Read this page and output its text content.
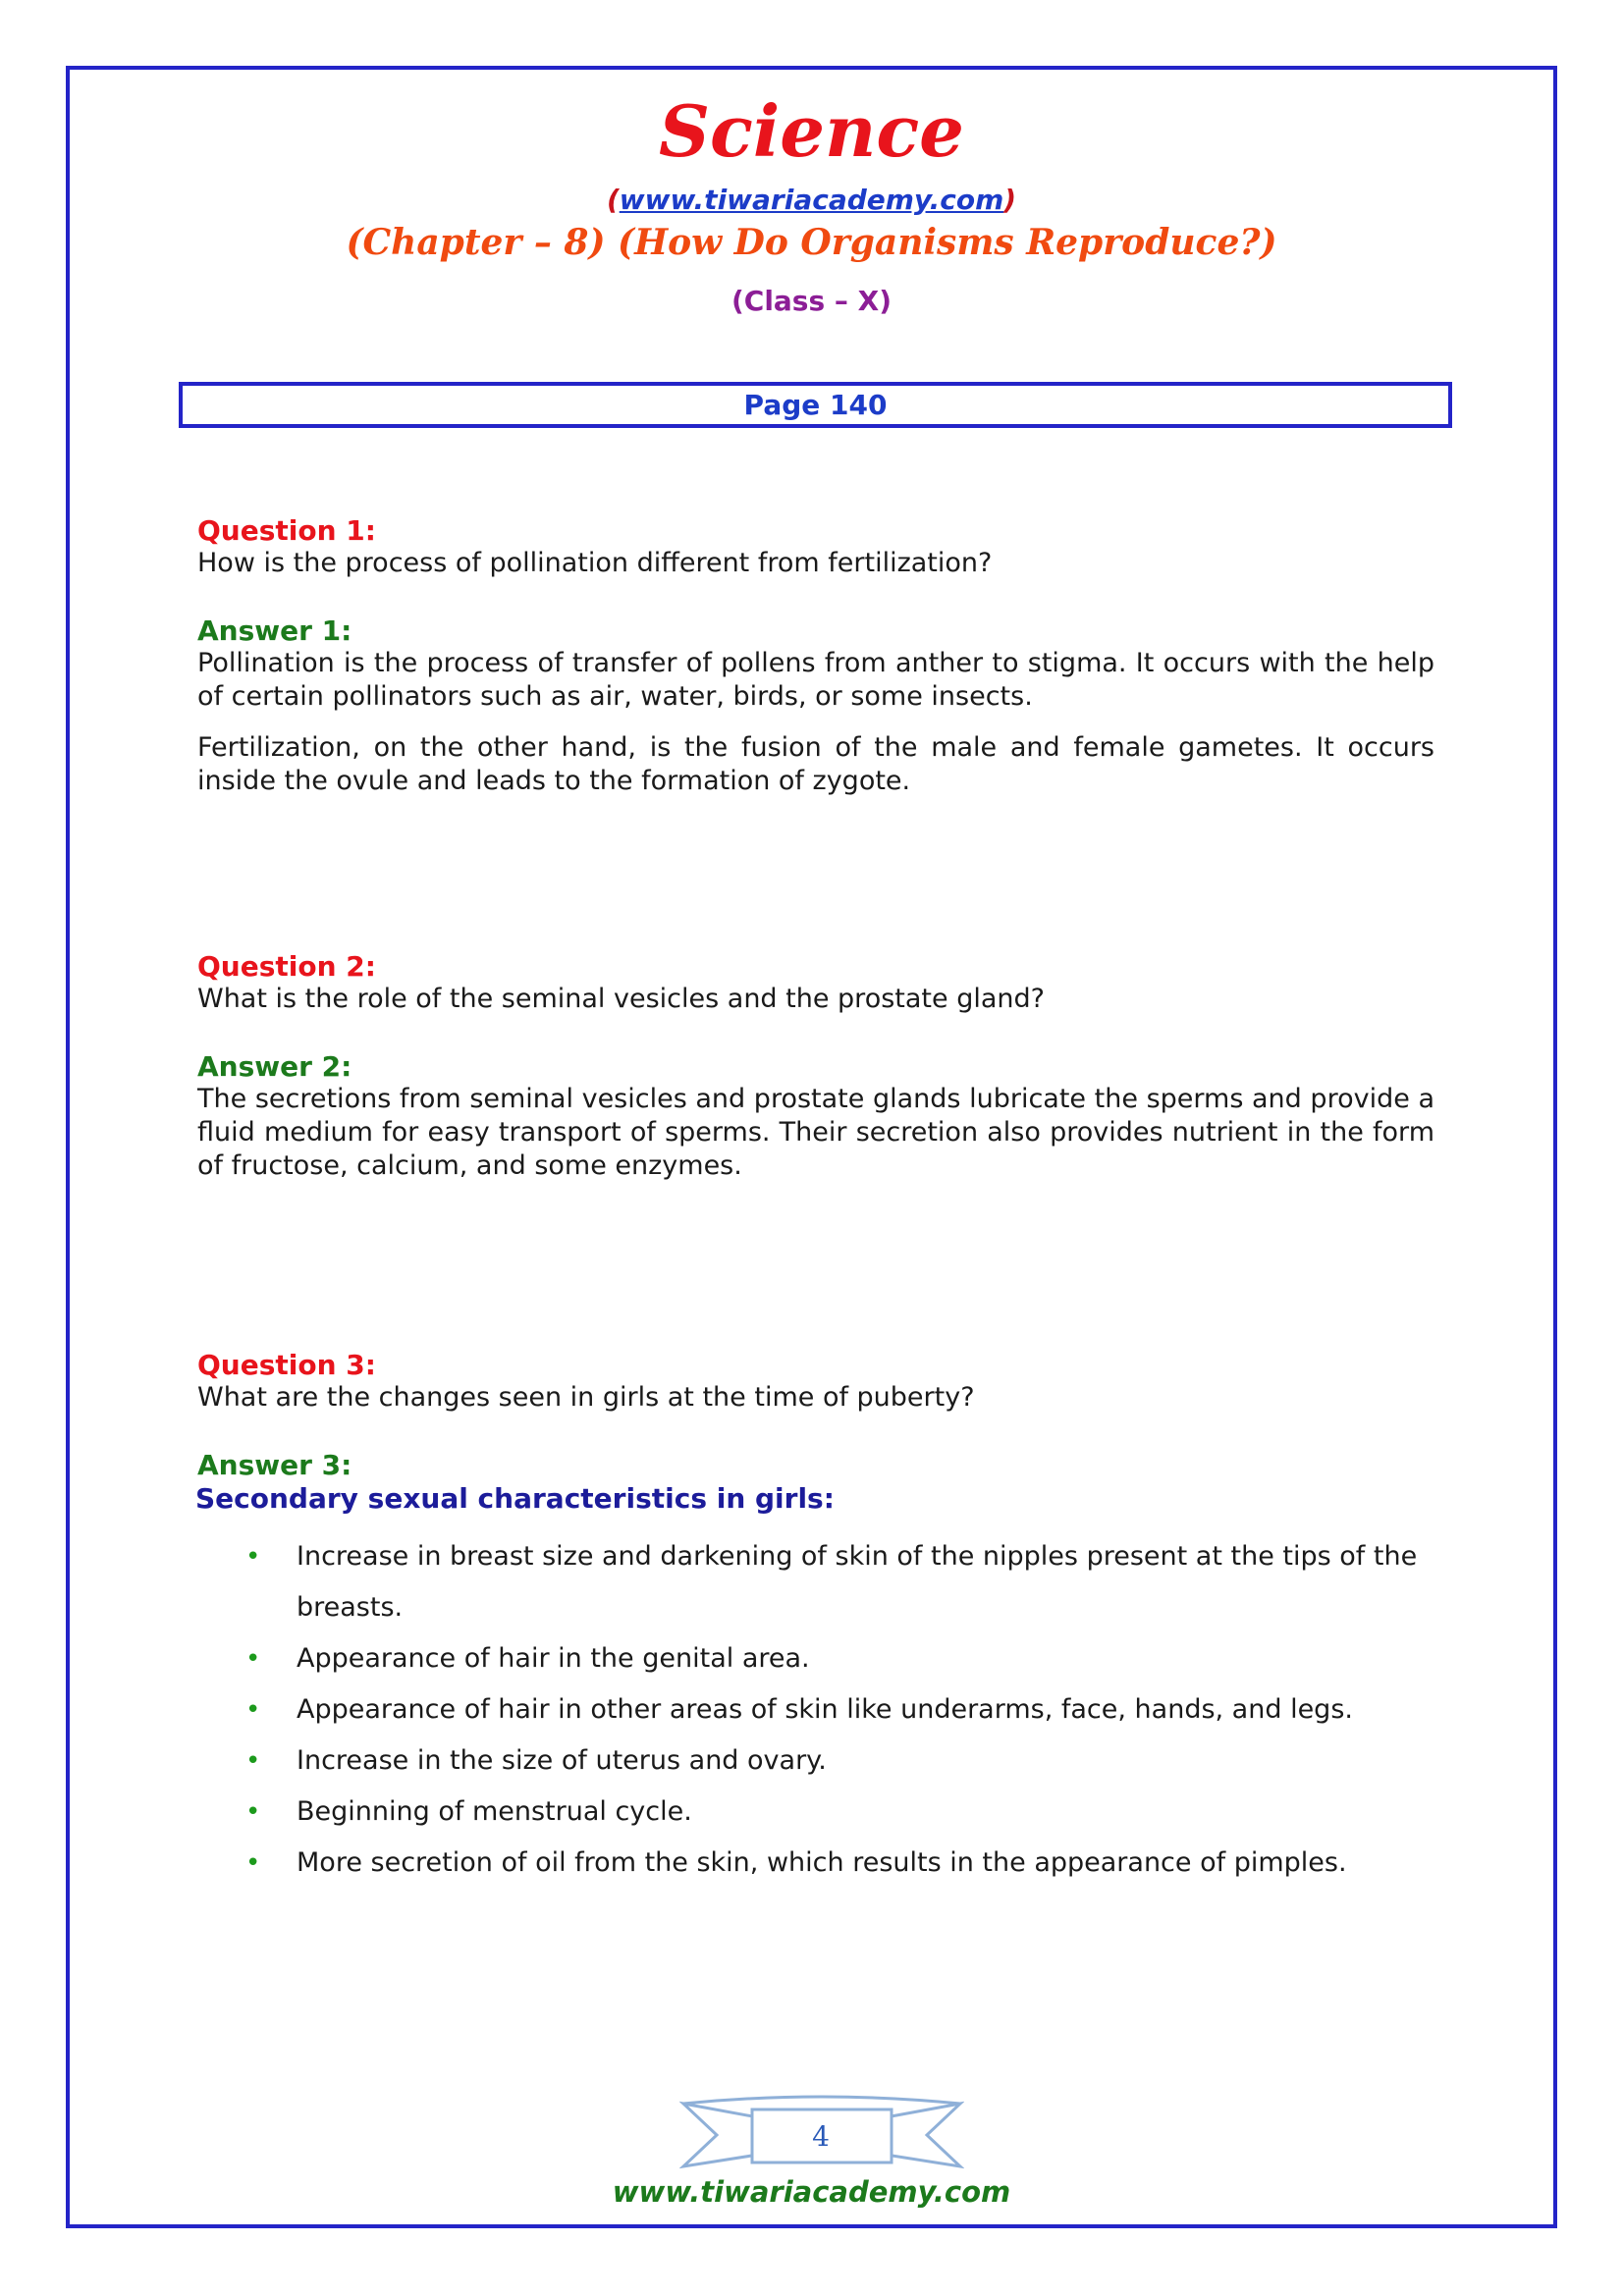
Science
(www.tiwariacademy.com)
(Chapter – 8) (How Do Organisms Reproduce?)
(Class – X)
Page 140
Question 1:
How is the process of pollination different from fertilization?
Answer 1:
Pollination is the process of transfer of pollens from anther to stigma. It occurs with the help of certain pollinators such as air, water, birds, or some insects.
Fertilization, on the other hand, is the fusion of the male and female gametes. It occurs inside the ovule and leads to the formation of zygote.
Question 2:
What is the role of the seminal vesicles and the prostate gland?
Answer 2:
The secretions from seminal vesicles and prostate glands lubricate the sperms and provide a fluid medium for easy transport of sperms. Their secretion also provides nutrient in the form of fructose, calcium, and some enzymes.
Question 3:
What are the changes seen in girls at the time of puberty?
Answer 3:
Secondary sexual characteristics in girls:
• Increase in breast size and darkening of skin of the nipples present at the tips of the breasts.
• Appearance of hair in the genital area.
• Appearance of hair in other areas of skin like underarms, face, hands, and legs.
• Increase in the size of uterus and ovary.
• Beginning of menstrual cycle.
• More secretion of oil from the skin, which results in the appearance of pimples.
4
www.tiwariacademy.com
